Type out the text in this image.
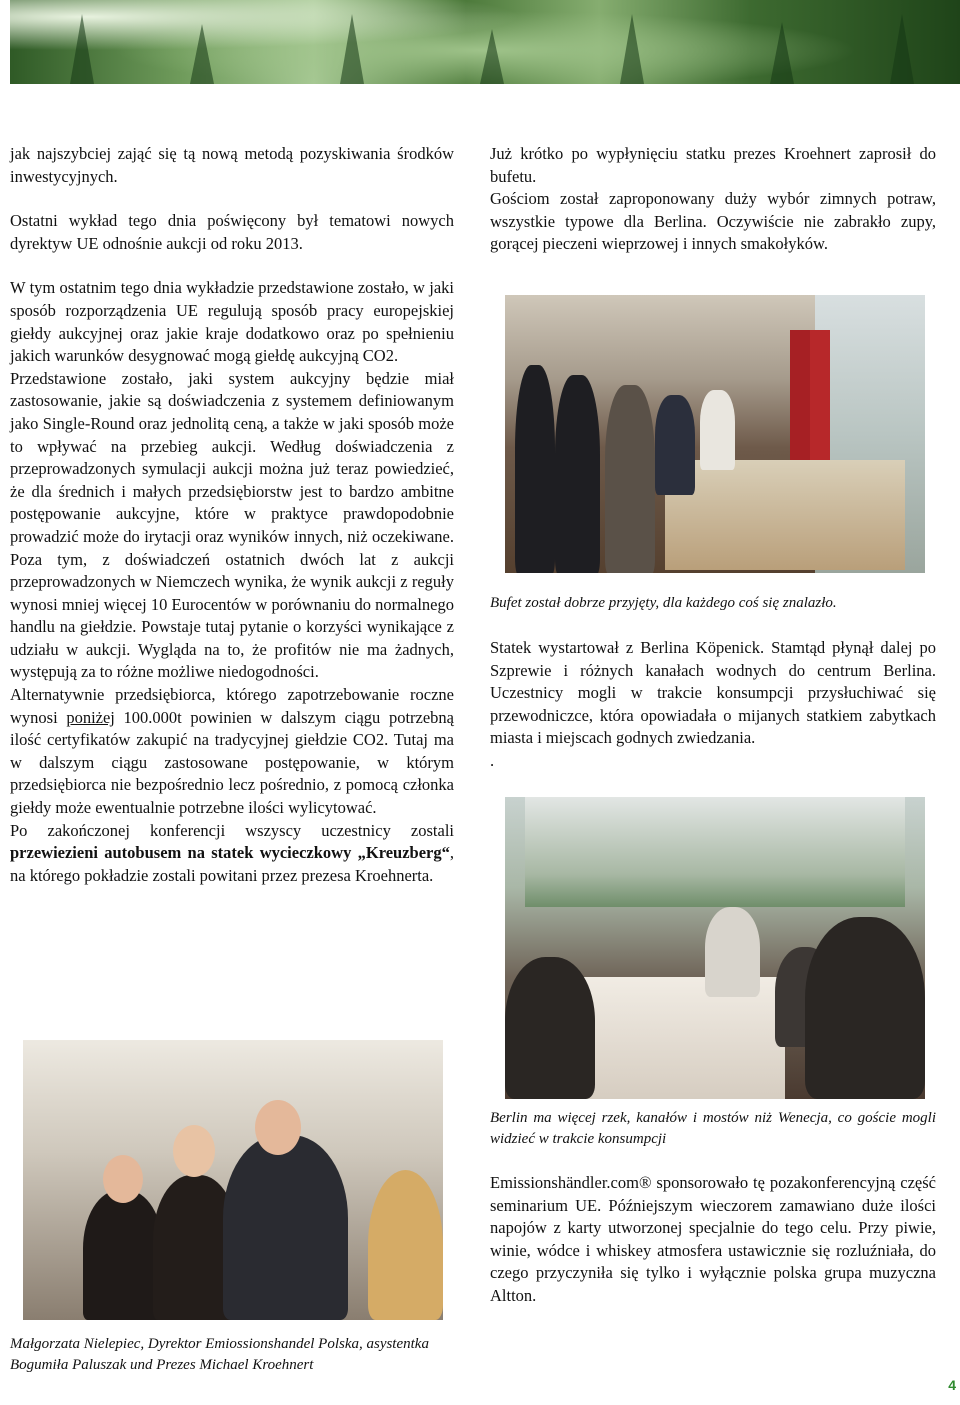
jak najszybciej zająć się tą nową metodą pozyskiwania środków inwestycyjnych.

Ostatni wykład tego dnia poświęcony był tematowi nowych dyrektyw UE odnośnie aukcji od roku 2013.

W tym ostatnim tego dnia wykładzie przedstawione zostało, w jaki sposób rozporządzenia UE regulują sposób pracy europejskiej giełdy aukcyjnej oraz jakie kraje dodatkowo oraz po spełnieniu jakich warunków desygnować mogą giełdę aukcyjną CO2.

Przedstawione zostało, jaki system aukcyjny będzie miał zastosowanie, jakie są doświadczenia z systemem definiowanym jako Single-Round oraz jednolitą ceną, a także w jaki sposób może to wpływać na przebieg aukcji. Według doświadczenia z przeprowadzonych symulacji aukcji można już teraz powiedzieć, że dla średnich i małych przedsiębiorstw jest to bardzo ambitne postępowanie aukcyjne, które w praktyce prawdopodobnie prowadzić może do irytacji oraz wyników innych, niż oczekiwane. Poza tym, z doświadczeń ostatnich dwóch lat z aukcji przeprowadzonych w Niemczech wynika, że wynik aukcji z reguły wynosi mniej więcej 10 Eurocentów w porównaniu do normalnego handlu na giełdzie. Powstaje tutaj pytanie o korzyści wynikające z udziału w aukcji. Wygląda na to, że profitów nie ma żadnych, występują za to różne możliwe niedogodności.

Alternatywnie przedsiębiorca, którego zapotrzebowanie roczne wynosi poniżej 100.000t powinien w dalszym ciągu potrzebną ilość certyfikatów zakupić na tradycyjnej giełdzie CO2. Tutaj ma w dalszym ciągu zastosowane postępowanie, w którym przedsiębiorca nie bezpośrednio lecz pośrednio, z pomocą członka giełdy może ewentualnie potrzebne ilości wylicytować.

Po zakończonej konferencji wszyscy uczestnicy zostali przewiezieni autobusem na statek wycieczkowy „Kreuzberg“, na którego pokładzie zostali powitani przez prezesa Kroehnerta.

Już krótko po wypłynięciu statku prezes Kroehnert zaprosił do bufetu.

Gościom został zaproponowany duży wybór zimnych potraw, wszystkie typowe dla Berlina. Oczywiście nie zabrakło zupy, gorącej pieczeni wieprzowej i innych smakołyków.

Statek wystartował z Berlina Köpenick. Stamtąd płynął dalej po Szprewie i różnych kanałach wodnych do centrum Berlina. Uczestnicy mogli w trakcie konsumpcji przysłuchiwać się przewodniczce, która opowiadała o mijanych statkiem zabytkach miasta i miejscach godnych zwiedzania.

.

Emissionshändler.com® sponsorowało tę pozakonferencyjną część seminarium UE. Późniejszym wieczorem zamawiano duże ilości napojów z karty utworzonej specjalnie do tego celu. Przy piwie, winie, wódce i whiskey atmosfera ustawicznie się rozluźniała, do czego przyczyniła się tylko i wyłącznie polska grupa muzyczna Altton.

Bufet został dobrze przyjęty, dla każdego coś się znalazło.
Berlin ma więcej rzek, kanałów i mostów niż Wenecja, co goście mogli widzieć w trakcie konsumpcji
Małgorzata Nielepiec, Dyrektor Emiossionshandel Polska, asystentka Bogumiła Paluszak und Prezes Michael Kroehnert
4
